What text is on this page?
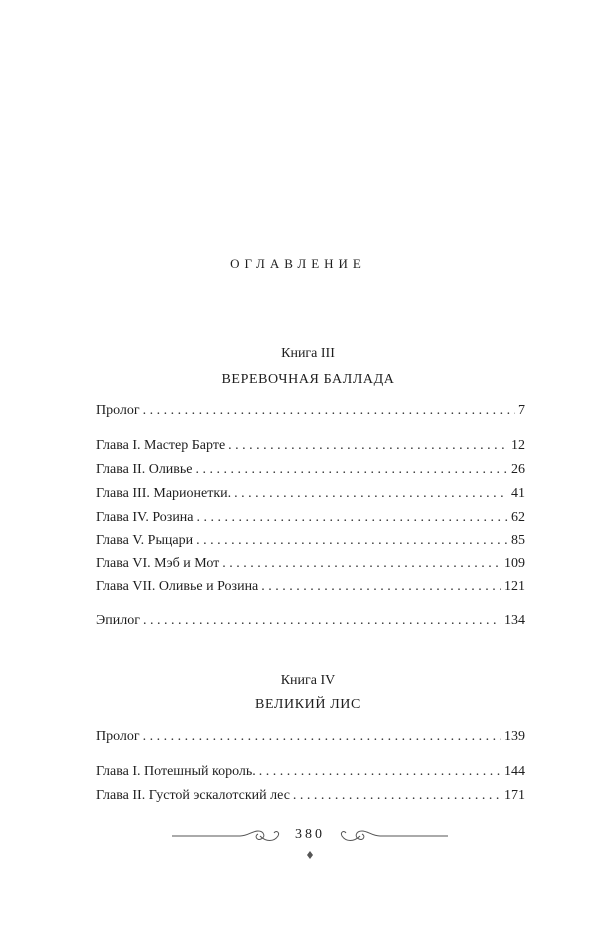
ОГЛАВЛЕНИЕ
Книга III
ВЕРЕВОЧНАЯ БАЛЛАДА
Пролог . . .	7
Глава I. Мастер Барте . . .	12
Глава II. Оливье . . .	26
Глава III. Марионетки. . . .	41
Глава IV. Розина . . .	62
Глава V. Рыцари . . .	85
Глава VI. Мэб и Мот . . .	109
Глава VII. Оливье и Розина . . .	121
Эпилог . . .	134
Книга IV
ВЕЛИКИЙ ЛИС
Пролог . . .	139
Глава I. Потешный король. . . .	144
Глава II. Густой эскалотский лес . . .	171
380
